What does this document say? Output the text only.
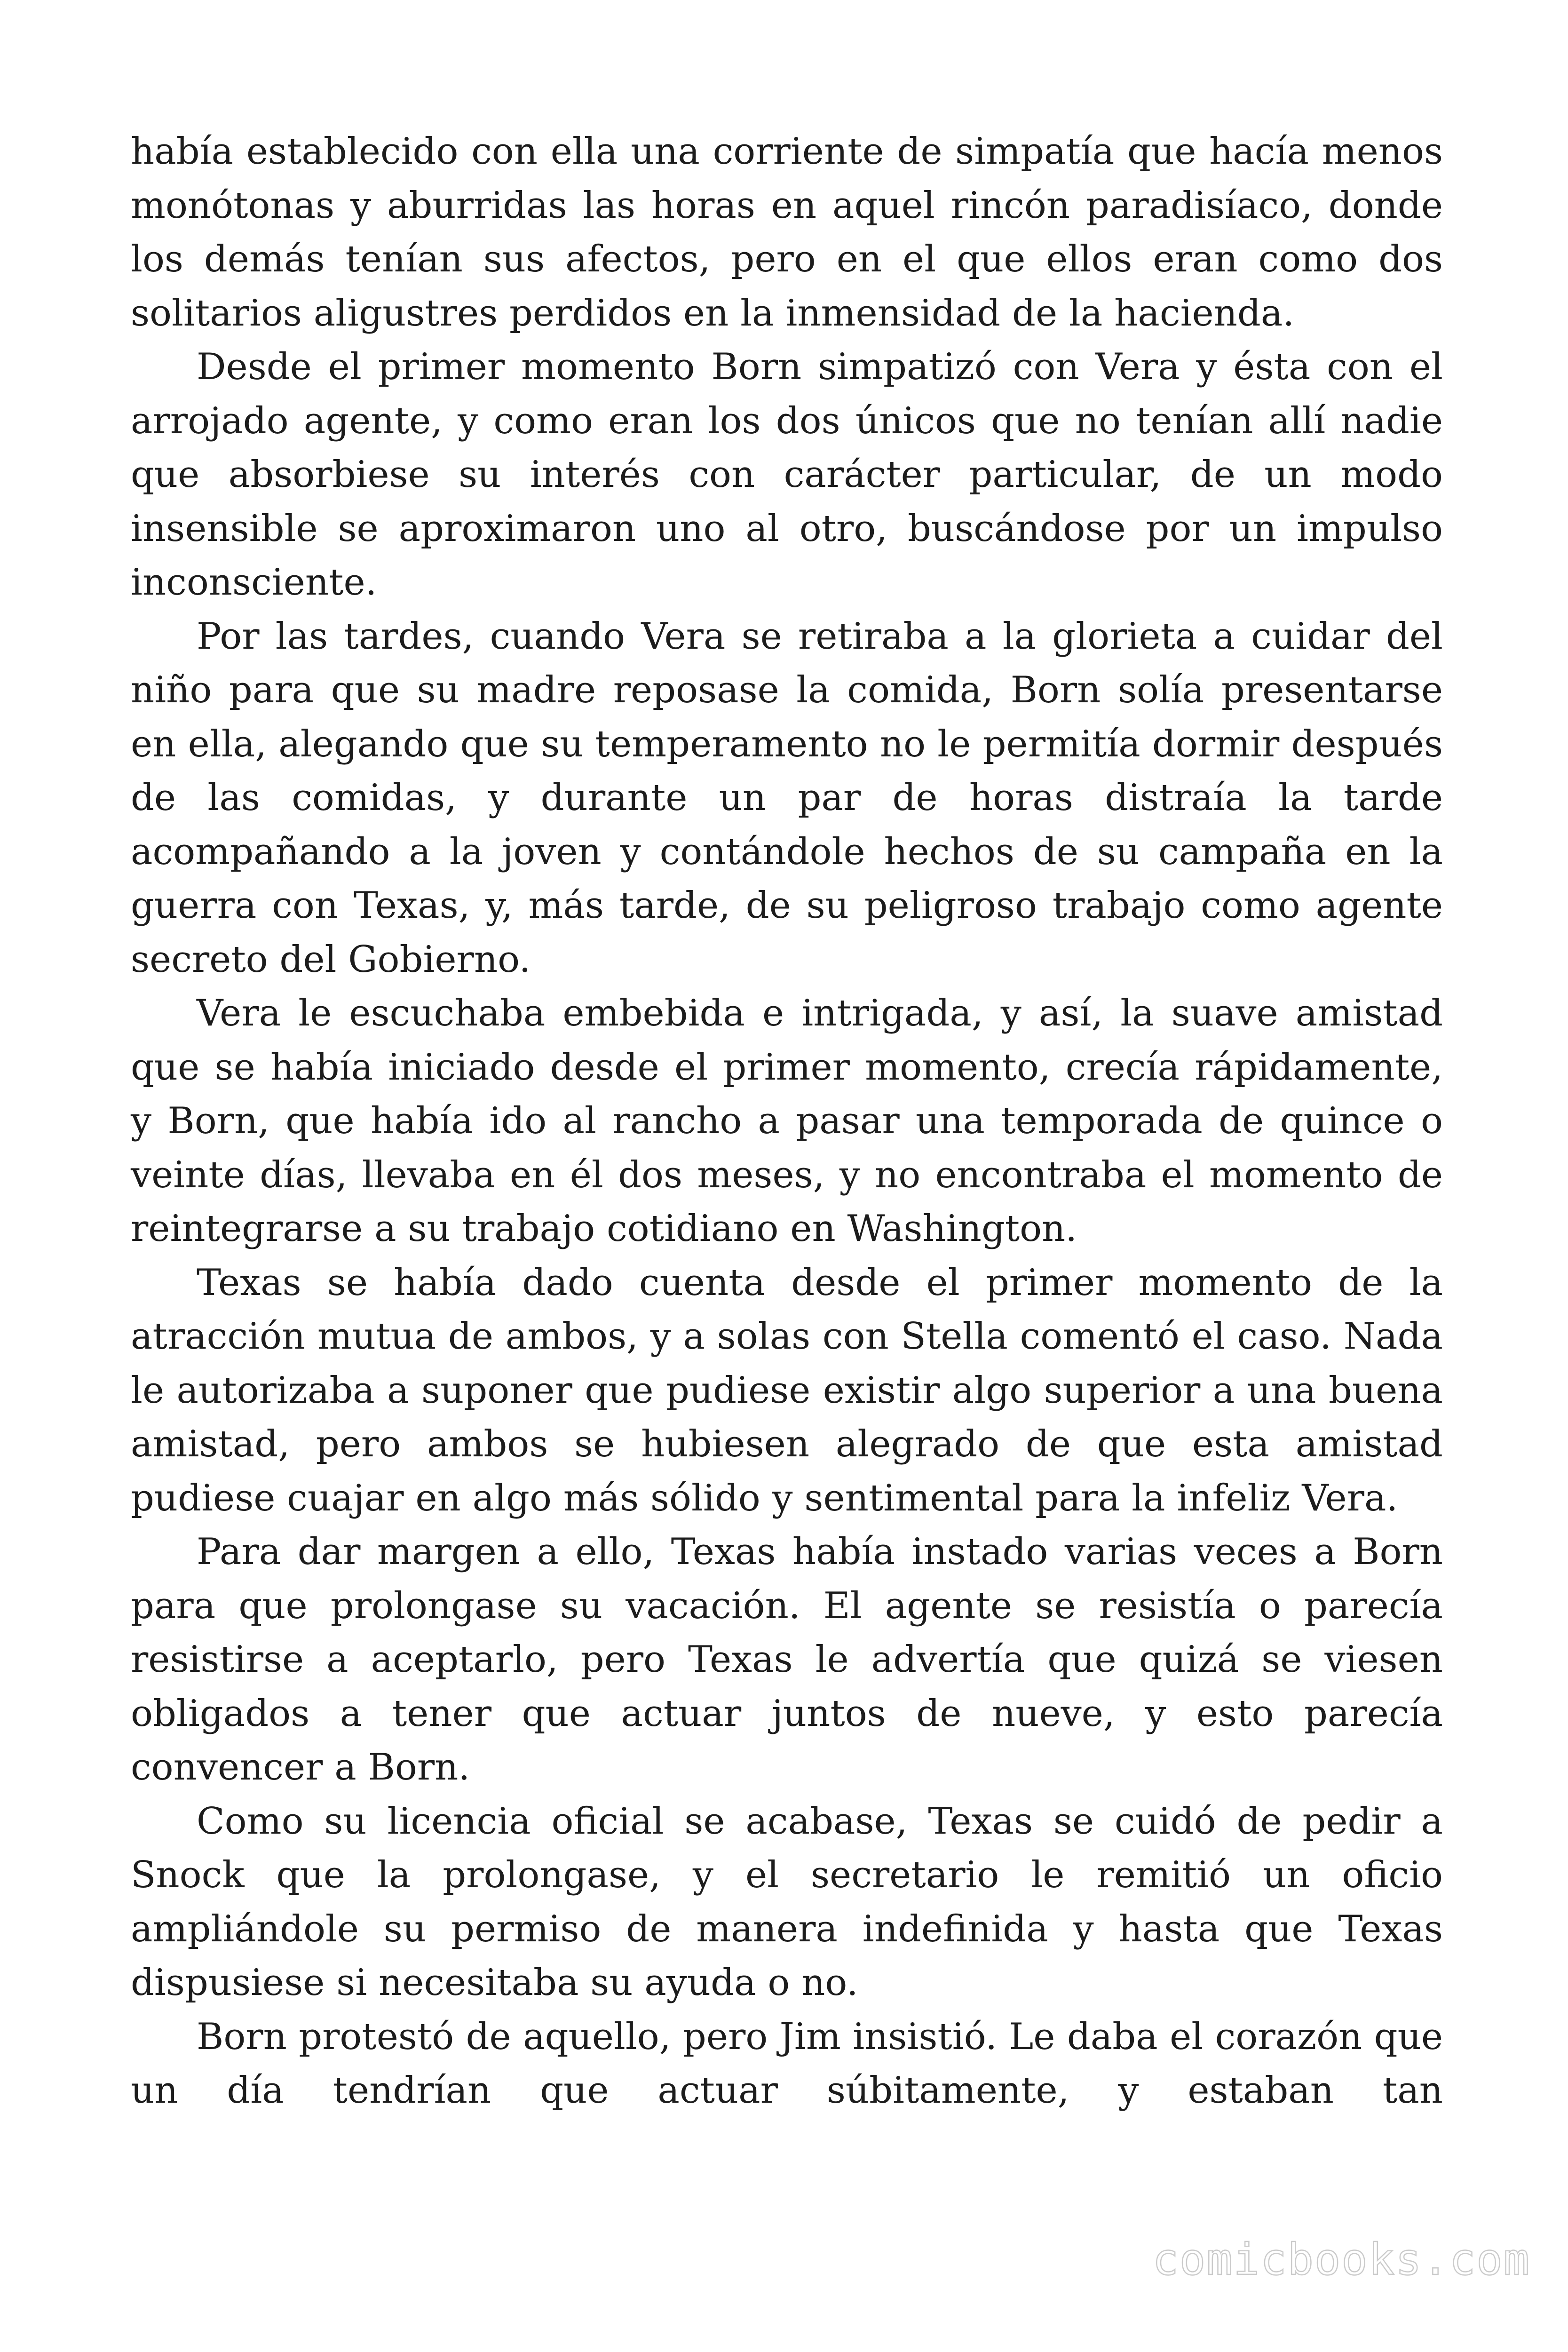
había establecido con ella una corriente de simpatía que hacía menos monótonas y aburridas las horas en aquel rincón paradisíaco, donde los demás tenían sus afectos, pero en el que ellos eran como dos solitarios aligustres perdidos en la inmensidad de la hacienda.

Desde el primer momento Born simpatizó con Vera y ésta con el arrojado agente, y como eran los dos únicos que no tenían allí nadie que absorbiese su interés con carácter particular, de un modo insensible se aproximaron uno al otro, buscándose por un impulso inconsciente.

Por las tardes, cuando Vera se retiraba a la glorieta a cuidar del niño para que su madre reposase la comida, Born solía presentarse en ella, alegando que su temperamento no le permitía dormir después de las comidas, y durante un par de horas distraía la tarde acompañando a la joven y contándole hechos de su campaña en la guerra con Texas, y, más tarde, de su peligroso trabajo como agente secreto del Gobierno.

Vera le escuchaba embebida e intrigada, y así, la suave amistad que se había iniciado desde el primer momento, crecía rápidamente, y Born, que había ido al rancho a pasar una temporada de quince o veinte días, llevaba en él dos meses, y no encontraba el momento de reintegrarse a su trabajo cotidiano en Washington.

Texas se había dado cuenta desde el primer momento de la atracción mutua de ambos, y a solas con Stella comentó el caso. Nada le autorizaba a suponer que pudiese existir algo superior a una buena amistad, pero ambos se hubiesen alegrado de que esta amistad pudiese cuajar en algo más sólido y sentimental para la infeliz Vera.

Para dar margen a ello, Texas había instado varias veces a Born para que prolongase su vacación. El agente se resistía o parecía resistirse a aceptarlo, pero Texas le advertía que quizá se viesen obligados a tener que actuar juntos de nueve, y esto parecía convencer a Born.

Como su licencia oficial se acabase, Texas se cuidó de pedir a Snock que la prolongase, y el secretario le remitió un oficio ampliándole su permiso de manera indefinida y hasta que Texas dispusiese si necesitaba su ayuda o no.

Born protestó de aquello, pero Jim insistió. Le daba el corazón que un día tendrían que actuar súbitamente, y estaban tan

comicbooks.com
